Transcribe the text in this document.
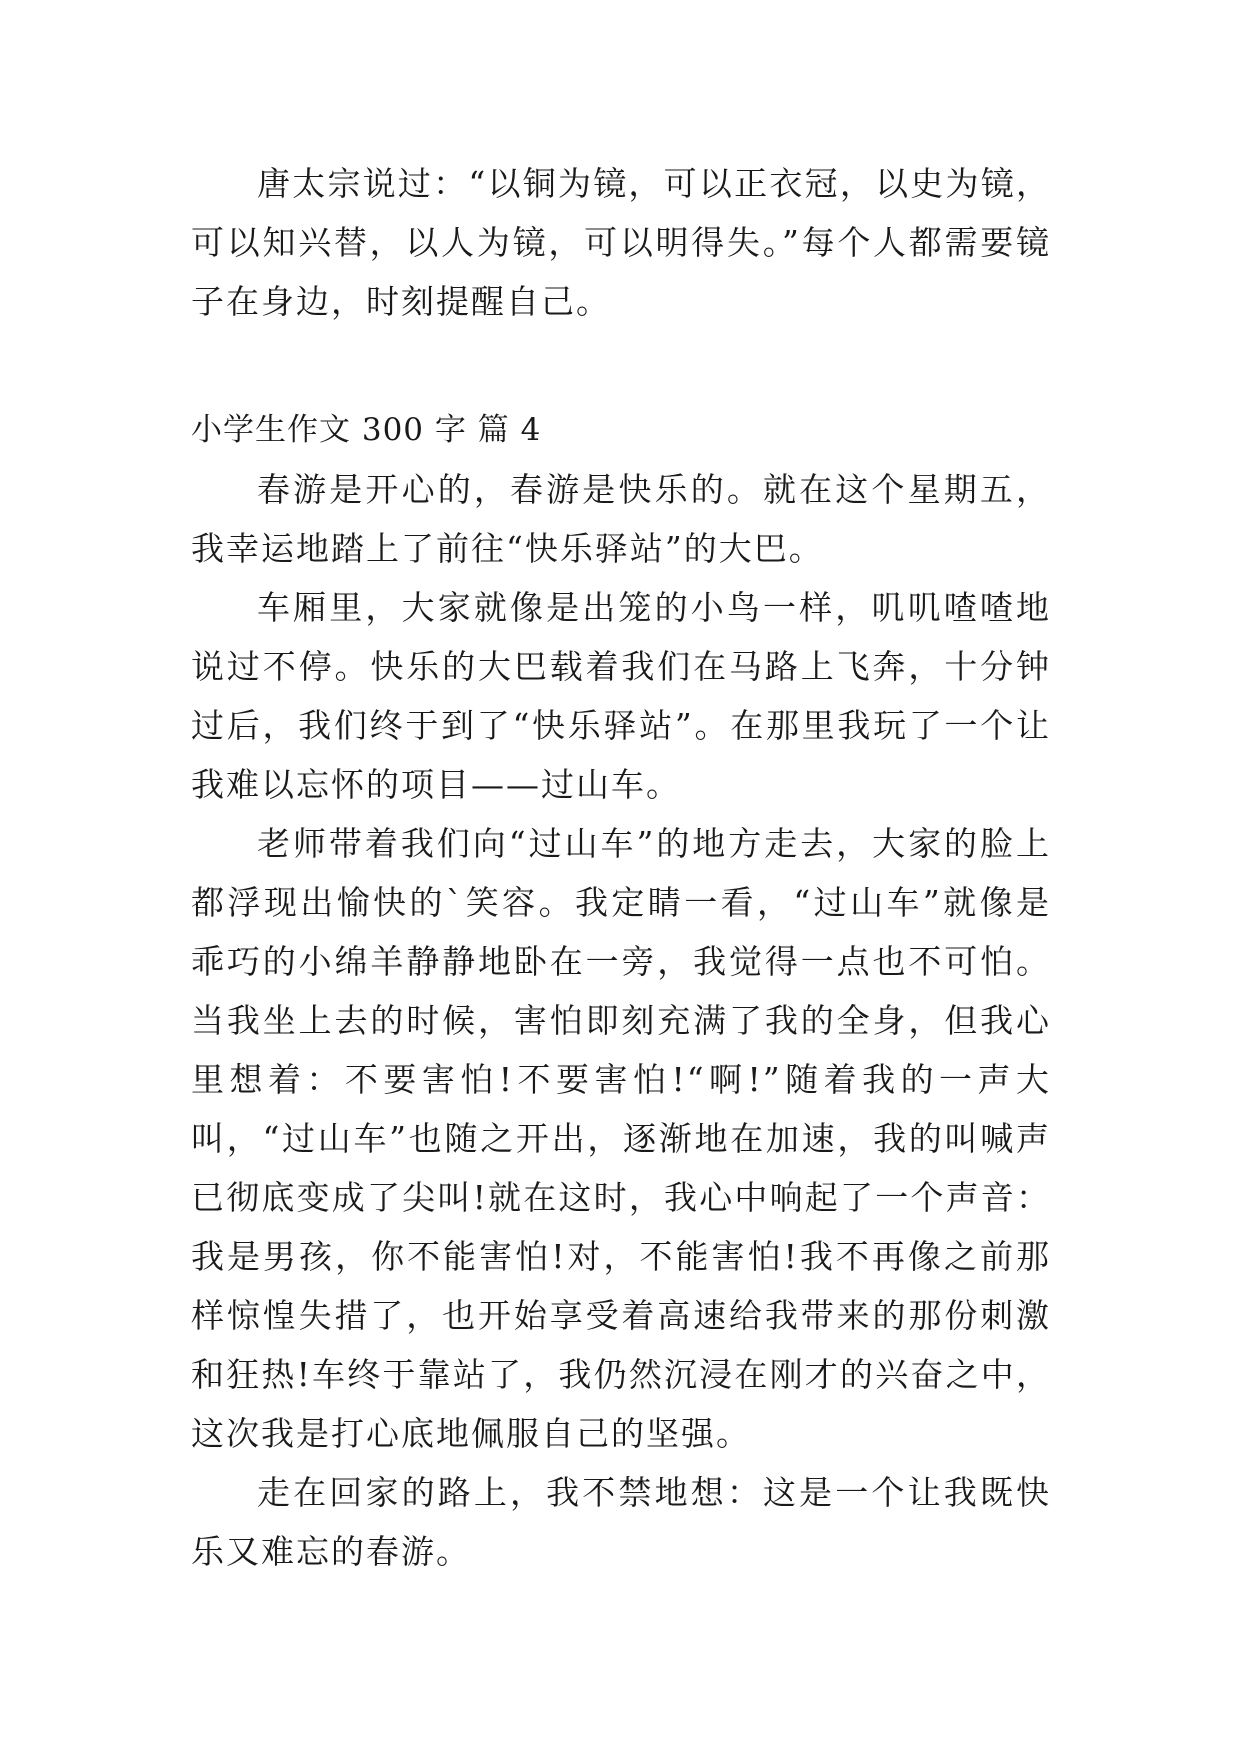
唐太宗说过：“以铜为镜，可以正衣冠，以史为镜，可以知兴替，以人为镜，可以明得失。”每个人都需要镜子在身边，时刻提醒自己。

小学生作文 300 字 篇 4

春游是开心的，春游是快乐的。就在这个星期五，我幸运地踏上了前往“快乐驿站”的大巴。

车厢里，大家就像是出笼的小鸟一样，叽叽喳喳地说过不停。快乐的大巴载着我们在马路上飞奔，十分钟过后，我们终于到了“快乐驿站”。在那里我玩了一个让我难以忘怀的项目——过山车。

老师带着我们向“过山车”的地方走去，大家的脸上都浮现出愉快的`笑容。我定睛一看，“过山车”就像是乖巧的小绵羊静静地卧在一旁，我觉得一点也不可怕。当我坐上去的时候，害怕即刻充满了我的全身，但我心里想着：不要害怕!不要害怕!“啊!”随着我的一声大叫，“过山车”也随之开出，逐渐地在加速，我的叫喊声已彻底变成了尖叫!就在这时，我心中响起了一个声音：我是男孩，你不能害怕!对，不能害怕!我不再像之前那样惊惶失措了，也开始享受着高速给我带来的那份刺激和狂热!车终于靠站了，我仍然沉浸在刚才的兴奋之中，这次我是打心底地佩服自己的坚强。

走在回家的路上，我不禁地想：这是一个让我既快乐又难忘的春游。
